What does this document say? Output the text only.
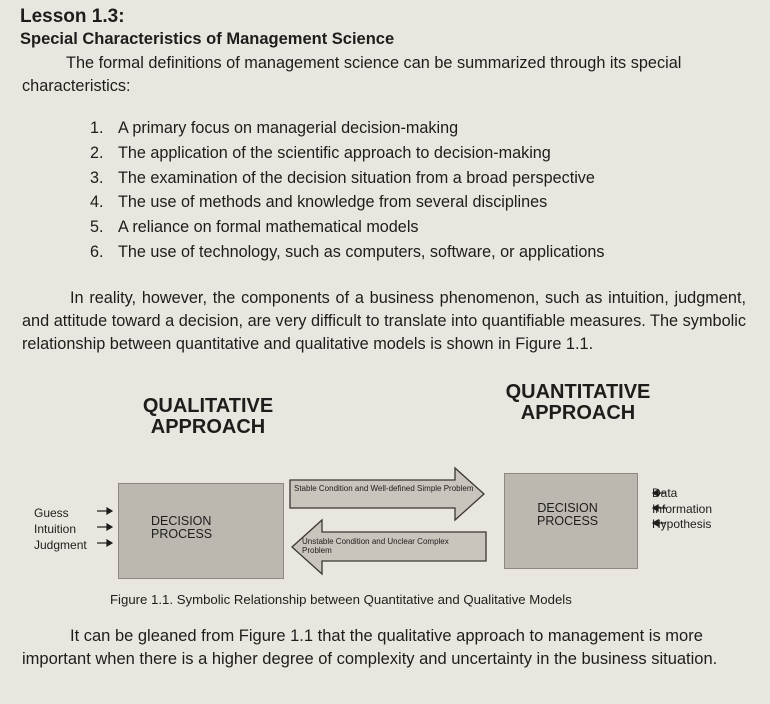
Lesson 1.3:
Special Characteristics of Management Science
The formal definitions of management science can be summarized through its special characteristics:
1. A primary focus on managerial decision-making
2. The application of the scientific approach to decision-making
3. The examination of the decision situation from a broad perspective
4. The use of methods and knowledge from several disciplines
5. A reliance on formal mathematical models
6. The use of technology, such as computers, software, or applications
In reality, however, the components of a business phenomenon, such as intuition, judgment, and attitude toward a decision, are very difficult to translate into quantifiable measures. The symbolic relationship between quantitative and qualitative models is shown in Figure 1.1.
QUALITATIVE
APPROACH
QUANTITATIVE
APPROACH
Guess
Intuition
Judgment
DECISION
PROCESS
Stable Condition and Well-defined Simple Problem
Unstable Condition and Unclear Complex Problem
DECISION
PROCESS
Data
Information
Hypothesis
Figure 1.1. Symbolic Relationship between Quantitative and Qualitative Models
It can be gleaned from Figure 1.1 that the qualitative approach to management is more important when there is a higher degree of complexity and uncertainty in the business situation.
